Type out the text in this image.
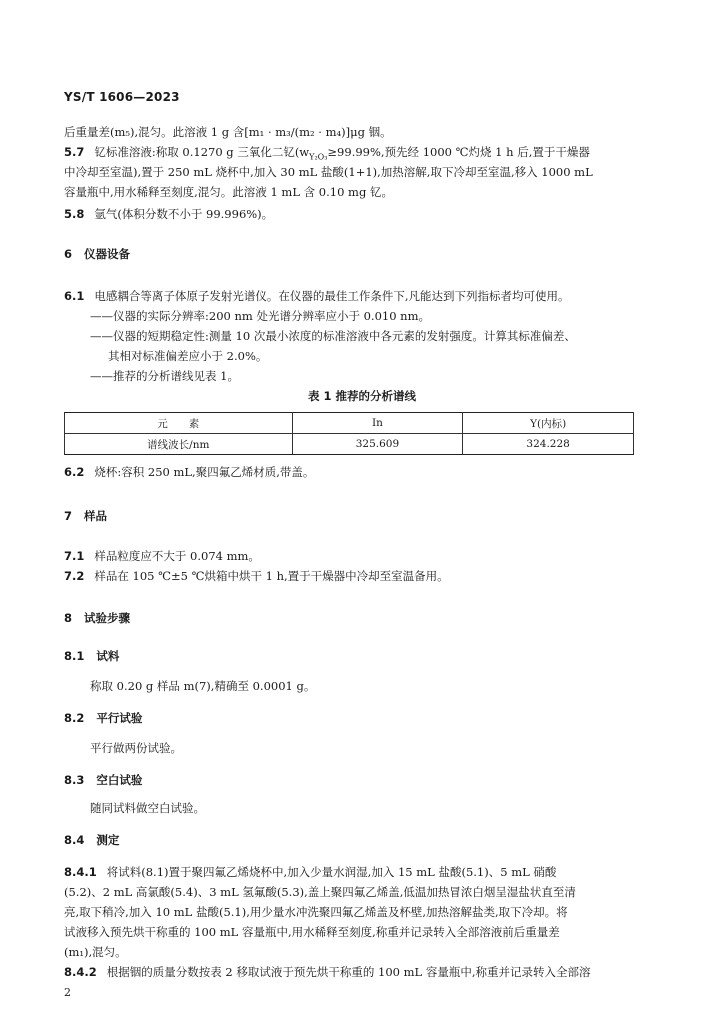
YS/T 1606—2023

后重量差(m₅),混匀。此溶液 1 g 含[m₁ · m₃/(m₂ · m₄)]μg 铟。

5.7 钇标准溶液:称取 0.1270 g 三氧化二钇($w_{Y_2O_3}\ge 99.99\%$,预先经 1000 ℃灼烧 1 h 后,置于干燥器

中冷却至室温),置于 250 mL 烧杯中,加入 30 mL 盐酸(1+1),加热溶解,取下冷却至室温,移入 1000 mL

容量瓶中,用水稀释至刻度,混匀。此溶液 1 mL 含 0.10 mg 钇。

5.8 氩气(体积分数不小于 99.996%)。

6 仪器设备

6.1 电感耦合等离子体原子发射光谱仪。在仪器的最佳工作条件下,凡能达到下列指标者均可使用。

——仪器的实际分辨率:200 nm 处光谱分辨率应小于 0.010 nm。

——仪器的短期稳定性:测量 10 次最小浓度的标准溶液中各元素的发射强度。计算其标准偏差、

其相对标准偏差应小于 2.0%。

——推荐的分析谱线见表 1。

表 1 推荐的分析谱线
元　　素	In	Y(内标)
谱线波长/nm	325.609	324.228

6.2 烧杯:容积 250 mL,聚四氟乙烯材质,带盖。

7 样品

7.1 样品粒度应不大于 0.074 mm。

7.2 样品在 105 ℃±5 ℃烘箱中烘干 1 h,置于干燥器中冷却至室温备用。

8 试验步骤
8.1 试料

称取 0.20 g 样品 m(7),精确至 0.0001 g。

8.2 平行试验

平行做两份试验。

8.3 空白试验

随同试料做空白试验。

8.4 测定

8.4.1 将试料(8.1)置于聚四氟乙烯烧杯中,加入少量水润湿,加入 15 mL 盐酸(5.1)、5 mL 硝酸

(5.2)、2 mL 高氯酸(5.4)、3 mL 氢氟酸(5.3),盖上聚四氟乙烯盖,低温加热冒浓白烟呈湿盐状直至清

亮,取下稍冷,加入 10 mL 盐酸(5.1),用少量水冲洗聚四氟乙烯盖及杯壁,加热溶解盐类,取下冷却。将

试液移入预先烘干称重的 100 mL 容量瓶中,用水稀释至刻度,称重并记录转入全部溶液前后重量差

(m₁),混匀。

8.4.2 根据铟的质量分数按表 2 移取试液于预先烘干称重的 100 mL 容量瓶中,称重并记录转入全部溶

2
